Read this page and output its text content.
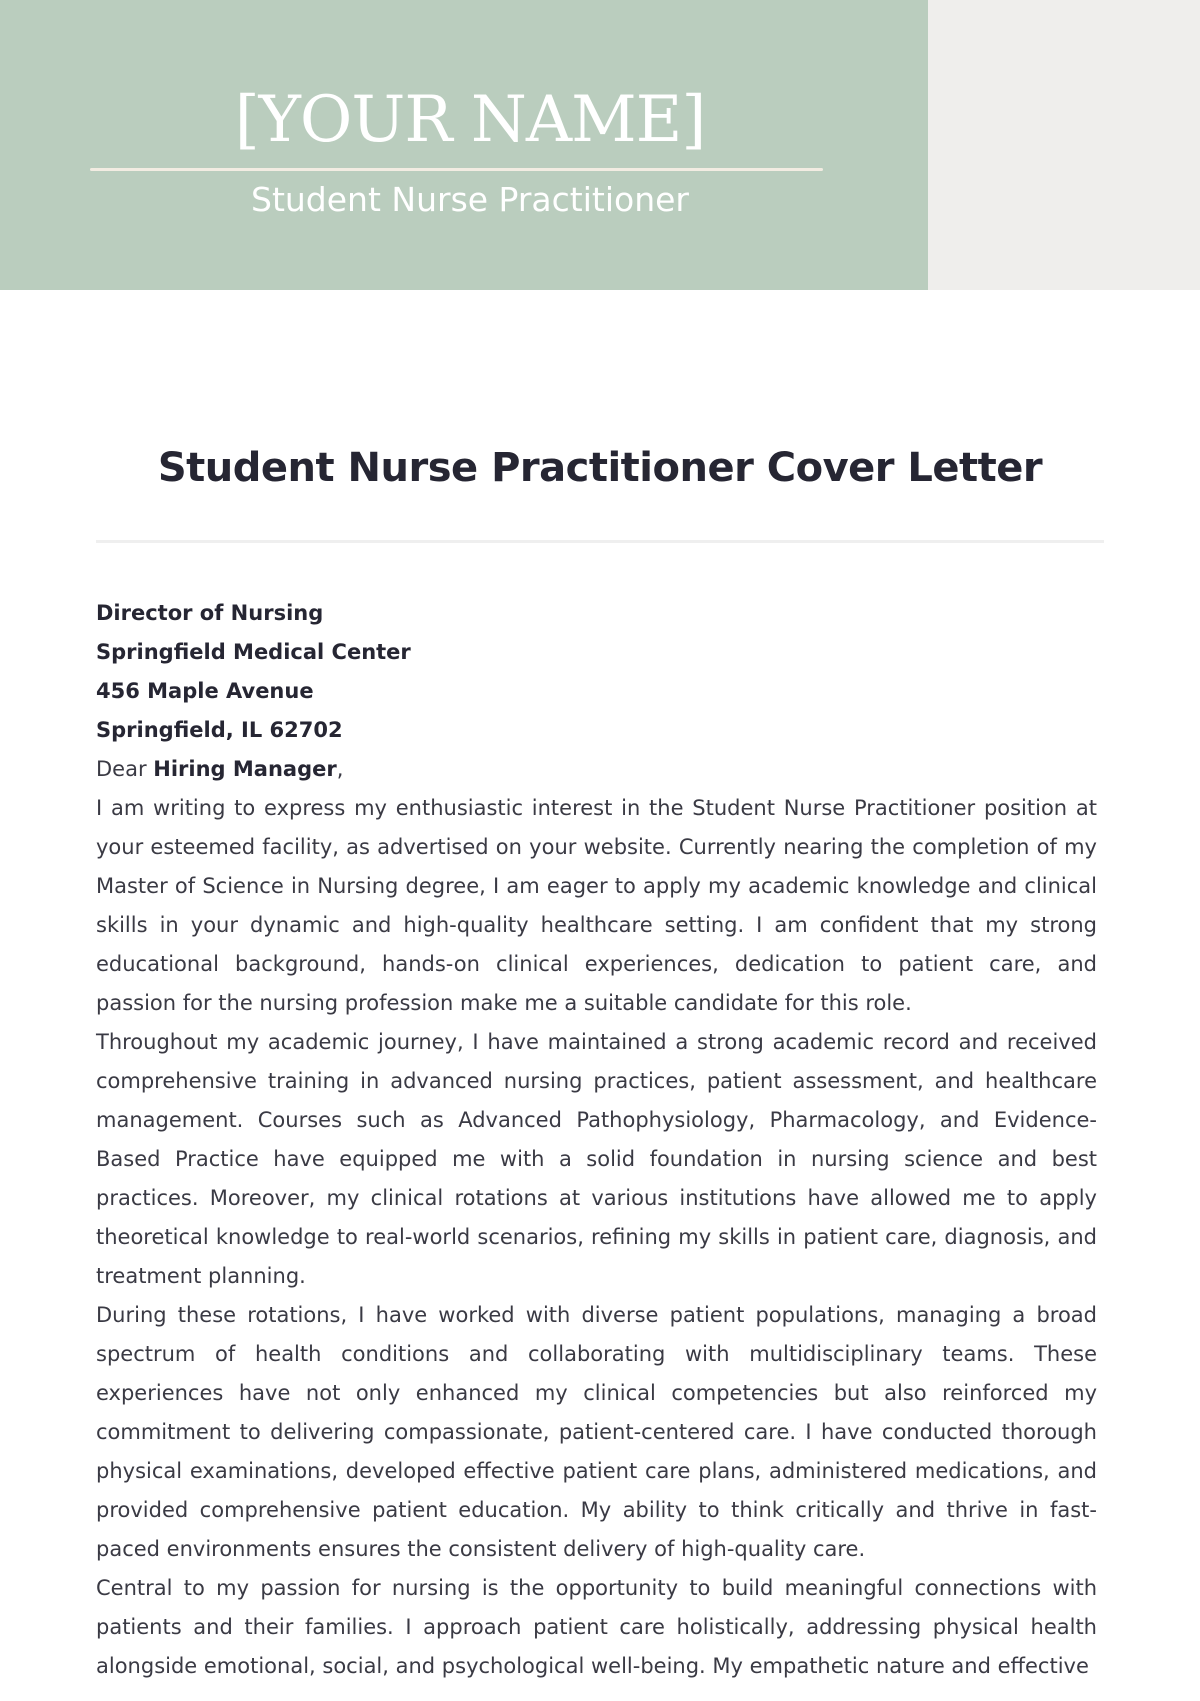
[YOUR NAME]
Student Nurse Practitioner
Student Nurse Practitioner Cover Letter

Director of Nursing

Springfield Medical Center

456 Maple Avenue

Springfield, IL 62702

Dear Hiring Manager,

I am writing to express my enthusiastic interest in the Student Nurse Practitioner position at your esteemed facility, as advertised on your website. Currently nearing the completion of my Master of Science in Nursing degree, I am eager to apply my academic knowledge and clinical skills in your dynamic and high-quality healthcare setting. I am confident that my strong educational background, hands-on clinical experiences, dedication to patient care, and passion for the nursing profession make me a suitable candidate for this role.

Throughout my academic journey, I have maintained a strong academic record and received comprehensive training in advanced nursing practices, patient assessment, and healthcare management. Courses such as Advanced Pathophysiology, Pharmacology, and Evidence-Based Practice have equipped me with a solid foundation in nursing science and best practices. Moreover, my clinical rotations at various institutions have allowed me to apply theoretical knowledge to real-world scenarios, refining my skills in patient care, diagnosis, and treatment planning.

During these rotations, I have worked with diverse patient populations, managing a broad spectrum of health conditions and collaborating with multidisciplinary teams. These experiences have not only enhanced my clinical competencies but also reinforced my commitment to delivering compassionate, patient-centered care. I have conducted thorough physical examinations, developed effective patient care plans, administered medications, and provided comprehensive patient education. My ability to think critically and thrive in fast-paced environments ensures the consistent delivery of high-quality care.

Central to my passion for nursing is the opportunity to build meaningful connections with patients and their families. I approach patient care holistically, addressing physical health alongside emotional, social, and psychological well-being. My empathetic nature and effective
